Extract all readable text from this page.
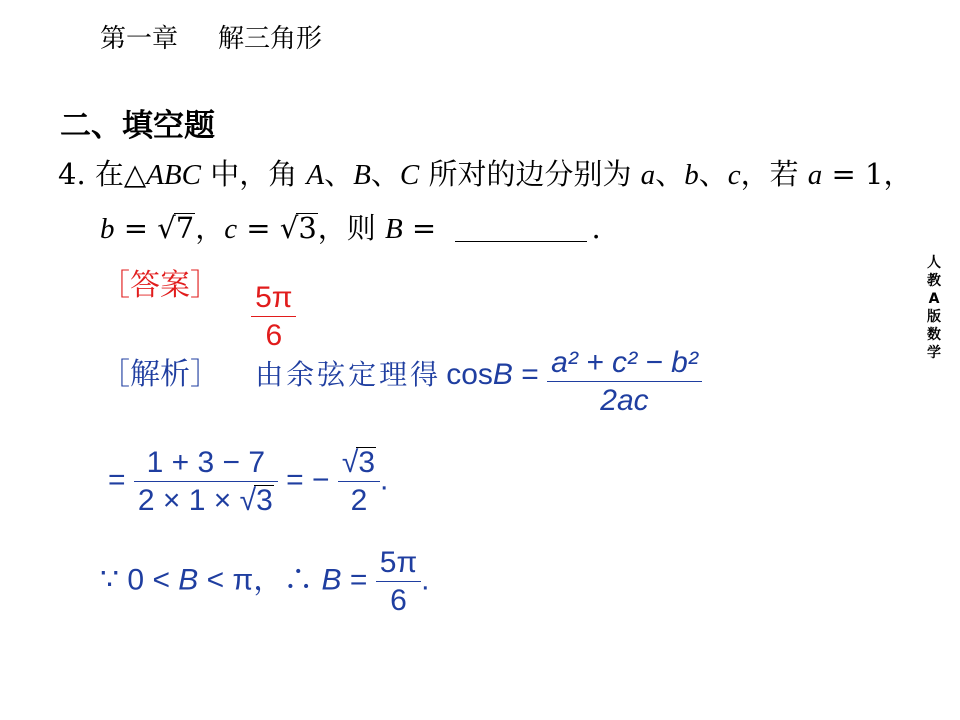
第一章 解三角形
二、填空题
4. 在△ABC 中，角 A、B、C 所对的边分别为 a、b、c，若 a = 1，
b = √7，c = √3，则 B =	.
［答案］ $\frac{5\pi}{6}$
［解析］ 由余弦定理得 $\cos B = \frac{\text{a² + c² − b²}}{2ac}$
= $\frac{1 + 3 - 7}{2 \times 1 \times √3}$ = − $\frac{√3}{2}$ .
∵ 0 < B < π，∴ $B = \frac{5\pi}{6}$ .
人
教
A
版
数
学
